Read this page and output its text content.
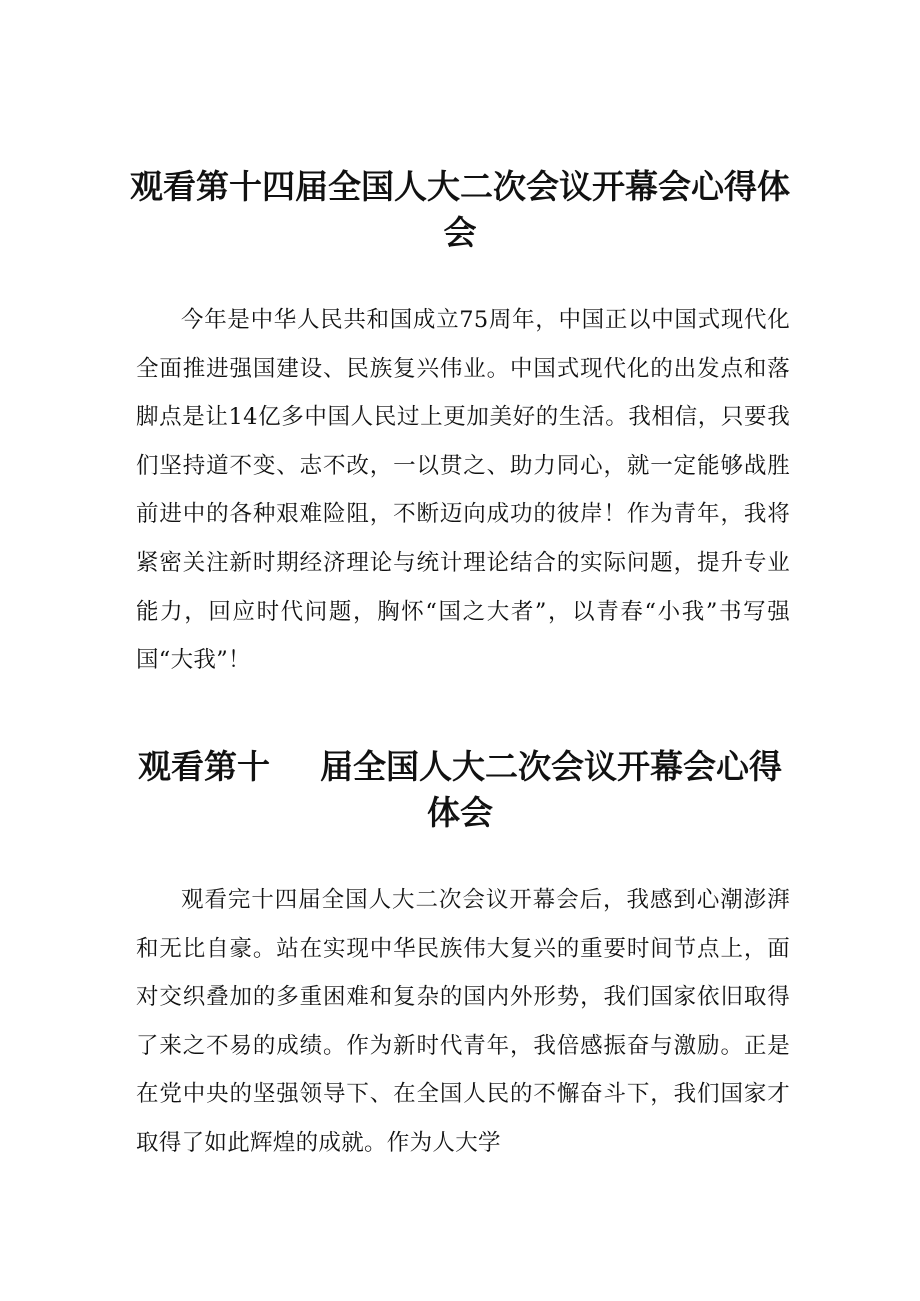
观看第十四届全国人大二次会议开幕会心得体会

今年是中华人民共和国成立75周年，中国正以中国式现代化全面推进强国建设、民族复兴伟业。中国式现代化的出发点和落脚点是让14亿多中国人民过上更加美好的生活。我相信，只要我们坚持道不变、志不改，一以贯之、助力同心，就一定能够战胜前进中的各种艰难险阻，不断迈向成功的彼岸！作为青年，我将紧密关注新时期经济理论与统计理论结合的实际问题，提升专业能力，回应时代问题，胸怀“国之大者”，以青春“小我”书写强国“大我”！

观看第十 届全国人大二次会议开幕会心得体会

观看完十四届全国人大二次会议开幕会后，我感到心潮澎湃和无比自豪。站在实现中华民族伟大复兴的重要时间节点上，面对交织叠加的多重困难和复杂的国内外形势，我们国家依旧取得了来之不易的成绩。作为新时代青年，我倍感振奋与激励。正是在党中央的坚强领导下、在全国人民的不懈奋斗下，我们国家才取得了如此辉煌的成就。作为人大学
